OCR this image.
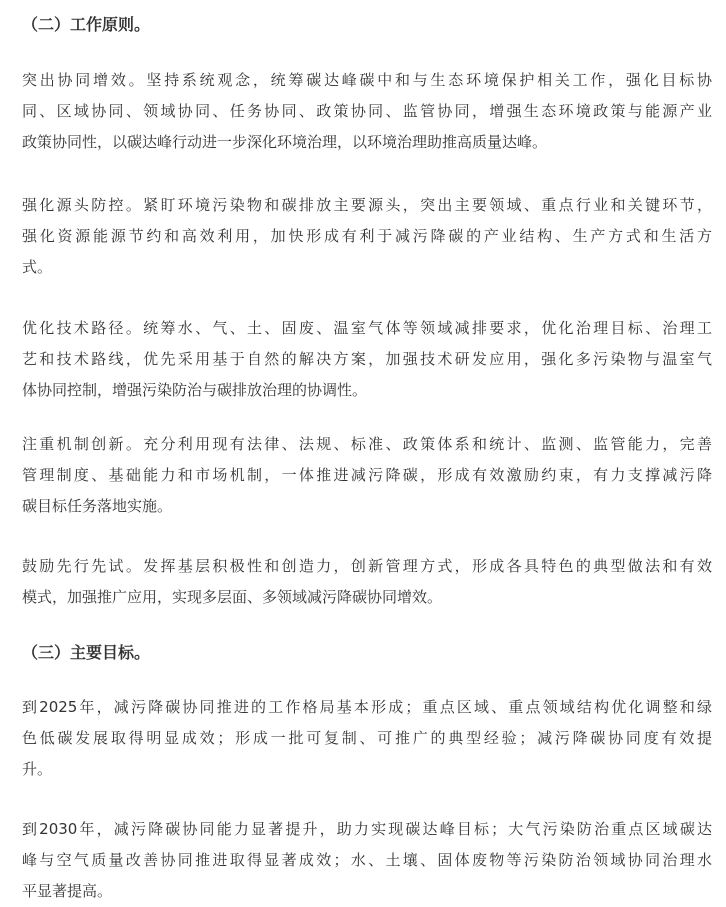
（二）工作原则。
突出协同增效。坚持系统观念，统筹碳达峰碳中和与生态环境保护相关工作，强化目标协
同、区域协同、领域协同、任务协同、政策协同、监管协同，增强生态环境政策与能源产业
政策协同性，以碳达峰行动进一步深化环境治理，以环境治理助推高质量达峰。
强化源头防控。紧盯环境污染物和碳排放主要源头，突出主要领域、重点行业和关键环节，
强化资源能源节约和高效利用，加快形成有利于减污降碳的产业结构、生产方式和生活方
式。
优化技术路径。统筹水、气、土、固废、温室气体等领域减排要求，优化治理目标、治理工
艺和技术路线，优先采用基于自然的解决方案，加强技术研发应用，强化多污染物与温室气
体协同控制，增强污染防治与碳排放治理的协调性。
注重机制创新。充分利用现有法律、法规、标准、政策体系和统计、监测、监管能力，完善
管理制度、基础能力和市场机制，一体推进减污降碳，形成有效激励约束，有力支撑减污降
碳目标任务落地实施。
鼓励先行先试。发挥基层积极性和创造力，创新管理方式，形成各具特色的典型做法和有效
模式，加强推广应用，实现多层面、多领域减污降碳协同增效。
（三）主要目标。
到2025年，减污降碳协同推进的工作格局基本形成；重点区域、重点领域结构优化调整和绿
色低碳发展取得明显成效；形成一批可复制、可推广的典型经验；减污降碳协同度有效提
升。
到2030年，减污降碳协同能力显著提升，助力实现碳达峰目标；大气污染防治重点区域碳达
峰与空气质量改善协同推进取得显著成效；水、土壤、固体废物等污染防治领域协同治理水
平显著提高。
